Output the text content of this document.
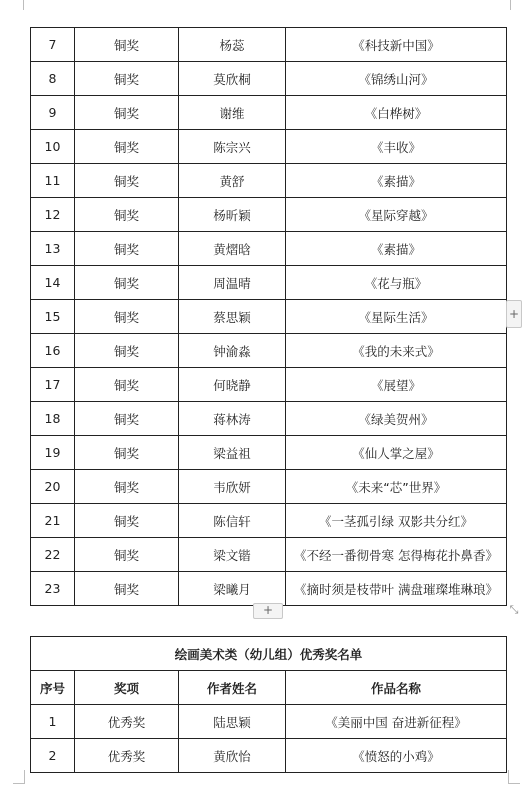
7	铜奖	杨蕊	《科技新中国》
8	铜奖	莫欣桐	《锦绣山河》
9	铜奖	谢维	《白桦树》
10	铜奖	陈宗兴	《丰收》
11	铜奖	黄舒	《素描》
12	铜奖	杨昕颖	《星际穿越》
13	铜奖	黄熠晗	《素描》
14	铜奖	周温晴	《花与瓶》
15	铜奖	蔡思颖	《星际生活》
16	铜奖	钟渝淼	《我的未来式》
17	铜奖	何晓静	《展望》
18	铜奖	蒋林涛	《绿美贺州》
19	铜奖	梁益祖	《仙人掌之屋》
20	铜奖	韦欣妍	《未来“芯”世界》
21	铜奖	陈信轩	《一茎孤引绿 双影共分红》
22	铜奖	梁文锴	《不经一番彻骨寒 怎得梅花扑鼻香》
23	铜奖	梁曦月	《摘时须是枝带叶 满盘璀璨堆琳琅》
+
+
⤡
绘画美术类（幼儿组）优秀奖名单			
序号	奖项	作者姓名	作品名称
1	优秀奖	陆思颖	《美丽中国 奋进新征程》
2	优秀奖	黄欣怡	《愤怒的小鸡》
